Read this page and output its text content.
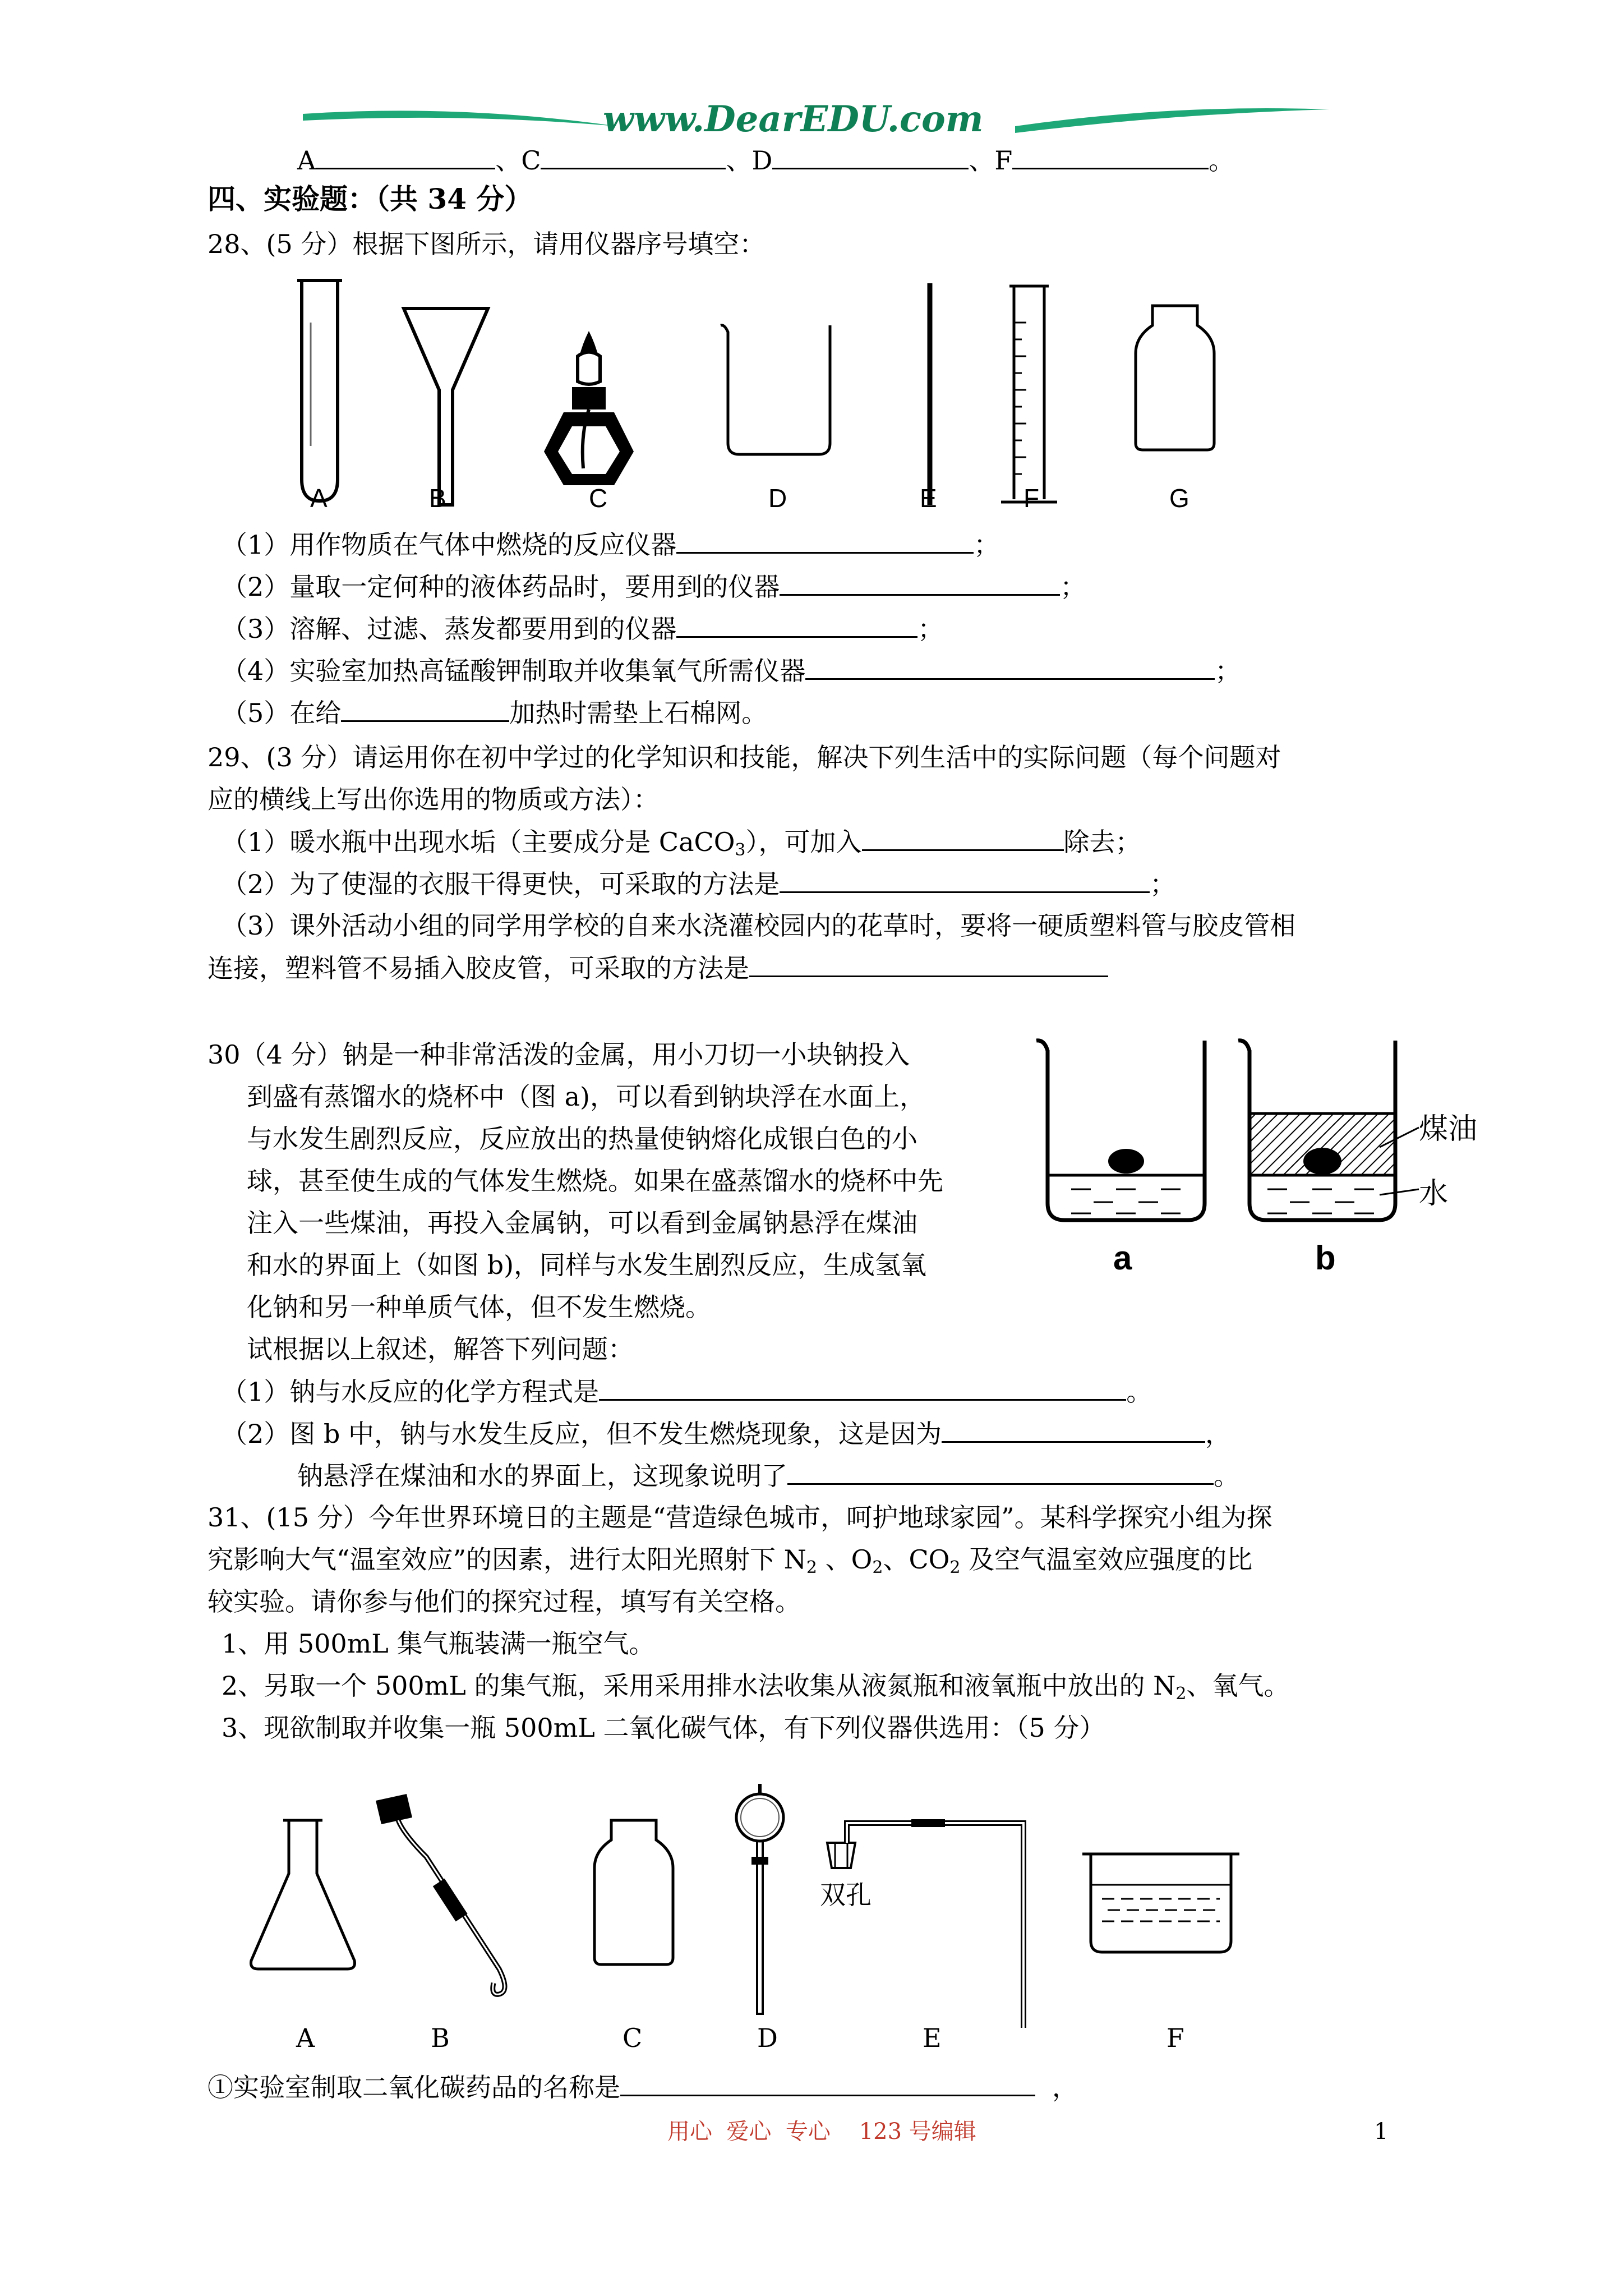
www.DearEDU.com
A	、C	、D	、F	。
四、实验题：（共 34 分）
28、(5 分）根据下图所示，请用仪器序号填空：
A	B	C	D	E	F	G
（1）用作物质在气体中燃烧的反应仪器	；
（2）量取一定何种的液体药品时，要用到的仪器	；
（3）溶解、过滤、蒸发都要用到的仪器	；
（4）实验室加热高锰酸钾制取并收集氧气所需仪器	；
（5）在给	加热时需垫上石棉网。
29、(3 分）请运用你在初中学过的化学知识和技能，解决下列生活中的实际问题（每个问题对
应的横线上写出你选用的物质或方法）：
（1）暖水瓶中出现水垢（主要成分是 CaCO$_3$），可加入	除去；
（2）为了使湿的衣服干得更快，可采取的方法是	；
（3）课外活动小组的同学用学校的自来水浇灌校园内的花草时，要将一硬质塑料管与胶皮管相
连接，塑料管不易插入胶皮管，可采取的方法是
30（4 分）钠是一种非常活泼的金属，用小刀切一小块钠投入
到盛有蒸馏水的烧杯中（图 a)，可以看到钠块浮在水面上，
与水发生剧烈反应，反应放出的热量使钠熔化成银白色的小
球，甚至使生成的气体发生燃烧。如果在盛蒸馏水的烧杯中先
注入一些煤油，再投入金属钠，可以看到金属钠悬浮在煤油
和水的界面上（如图 b)，同样与水发生剧烈反应，生成氢氧
化钠和另一种单质气体，但不发生燃烧。
a
煤油
水
b
试根据以上叙述，解答下列问题：
（1）钠与水反应的化学方程式是	。
（2）图 b 中，钠与水发生反应，但不发生燃烧现象，这是因为	，
钠悬浮在煤油和水的界面上，这现象说明了	。
31、(15 分）今年世界环境日的主题是“营造绿色城市，呵护地球家园”。某科学探究小组为探
究影响大气“温室效应”的因素，进行太阳光照射下 $N_2$ 、$O_2$、$CO_2$ 及空气温室效应强度的比
较实验。请你参与他们的探究过程，填写有关空格。
1、用 500mL 集气瓶装满一瓶空气。
2、另取一个 500mL 的集气瓶，采用采用排水法收集从液氮瓶和液氧瓶中放出的 $N_2$、氧气。
3、现欲制取并收集一瓶 500mL 二氧化碳气体，有下列仪器供选用：（5 分）
双孔
A	B	C	D	E	F
①实验室制取二氧化碳药品的名称是	，
用心  爱心  专心    123 号编辑	1
